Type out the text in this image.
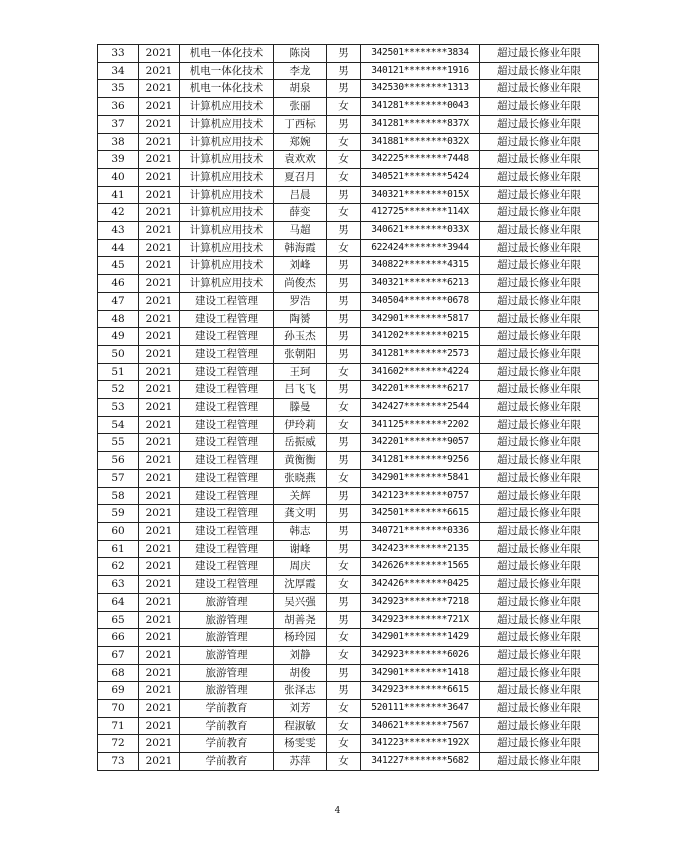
33	2021	机电一体化技术	陈岗	男	342501********3834	超过最长修业年限
34	2021	机电一体化技术	李龙	男	340121********1916	超过最长修业年限
35	2021	机电一体化技术	胡泉	男	342530********1313	超过最长修业年限
36	2021	计算机应用技术	张丽	女	341281********0043	超过最长修业年限
37	2021	计算机应用技术	丁西标	男	341281********837X	超过最长修业年限
38	2021	计算机应用技术	郑婉	女	341881********032X	超过最长修业年限
39	2021	计算机应用技术	袁欢欢	女	342225********7448	超过最长修业年限
40	2021	计算机应用技术	夏召月	女	340521********5424	超过最长修业年限
41	2021	计算机应用技术	吕晨	男	340321********015X	超过最长修业年限
42	2021	计算机应用技术	薛变	女	412725********114X	超过最长修业年限
43	2021	计算机应用技术	马超	男	340621********033X	超过最长修业年限
44	2021	计算机应用技术	韩海霞	女	622424********3944	超过最长修业年限
45	2021	计算机应用技术	刘峰	男	340822********4315	超过最长修业年限
46	2021	计算机应用技术	尚俊杰	男	340321********6213	超过最长修业年限
47	2021	建设工程管理	罗浩	男	340504********0678	超过最长修业年限
48	2021	建设工程管理	陶赟	男	342901********5817	超过最长修业年限
49	2021	建设工程管理	孙玉杰	男	341202********0215	超过最长修业年限
50	2021	建设工程管理	张朝阳	男	341281********2573	超过最长修业年限
51	2021	建设工程管理	王珂	女	341602********4224	超过最长修业年限
52	2021	建设工程管理	吕飞飞	男	342201********6217	超过最长修业年限
53	2021	建设工程管理	滕曼	女	342427********2544	超过最长修业年限
54	2021	建设工程管理	伊玲莉	女	341125********2202	超过最长修业年限
55	2021	建设工程管理	岳振威	男	342201********9057	超过最长修业年限
56	2021	建设工程管理	黄衡衡	男	341281********9256	超过最长修业年限
57	2021	建设工程管理	张晓燕	女	342901********5841	超过最长修业年限
58	2021	建设工程管理	关辉	男	342123********0757	超过最长修业年限
59	2021	建设工程管理	龚文明	男	342501********6615	超过最长修业年限
60	2021	建设工程管理	韩志	男	340721********0336	超过最长修业年限
61	2021	建设工程管理	谢峰	男	342423********2135	超过最长修业年限
62	2021	建设工程管理	周庆	女	342626********1565	超过最长修业年限
63	2021	建设工程管理	沈厚霞	女	342426********0425	超过最长修业年限
64	2021	旅游管理	吴兴强	男	342923********7218	超过最长修业年限
65	2021	旅游管理	胡善尧	男	342923********721X	超过最长修业年限
66	2021	旅游管理	杨玲园	女	342901********1429	超过最长修业年限
67	2021	旅游管理	刘静	女	342923********6026	超过最长修业年限
68	2021	旅游管理	胡俊	男	342901********1418	超过最长修业年限
69	2021	旅游管理	张泽志	男	342923********6615	超过最长修业年限
70	2021	学前教育	刘芳	女	520111********3647	超过最长修业年限
71	2021	学前教育	程淑敏	女	340621********7567	超过最长修业年限
72	2021	学前教育	杨雯雯	女	341223********192X	超过最长修业年限
73	2021	学前教育	苏萍	女	341227********5682	超过最长修业年限
4
